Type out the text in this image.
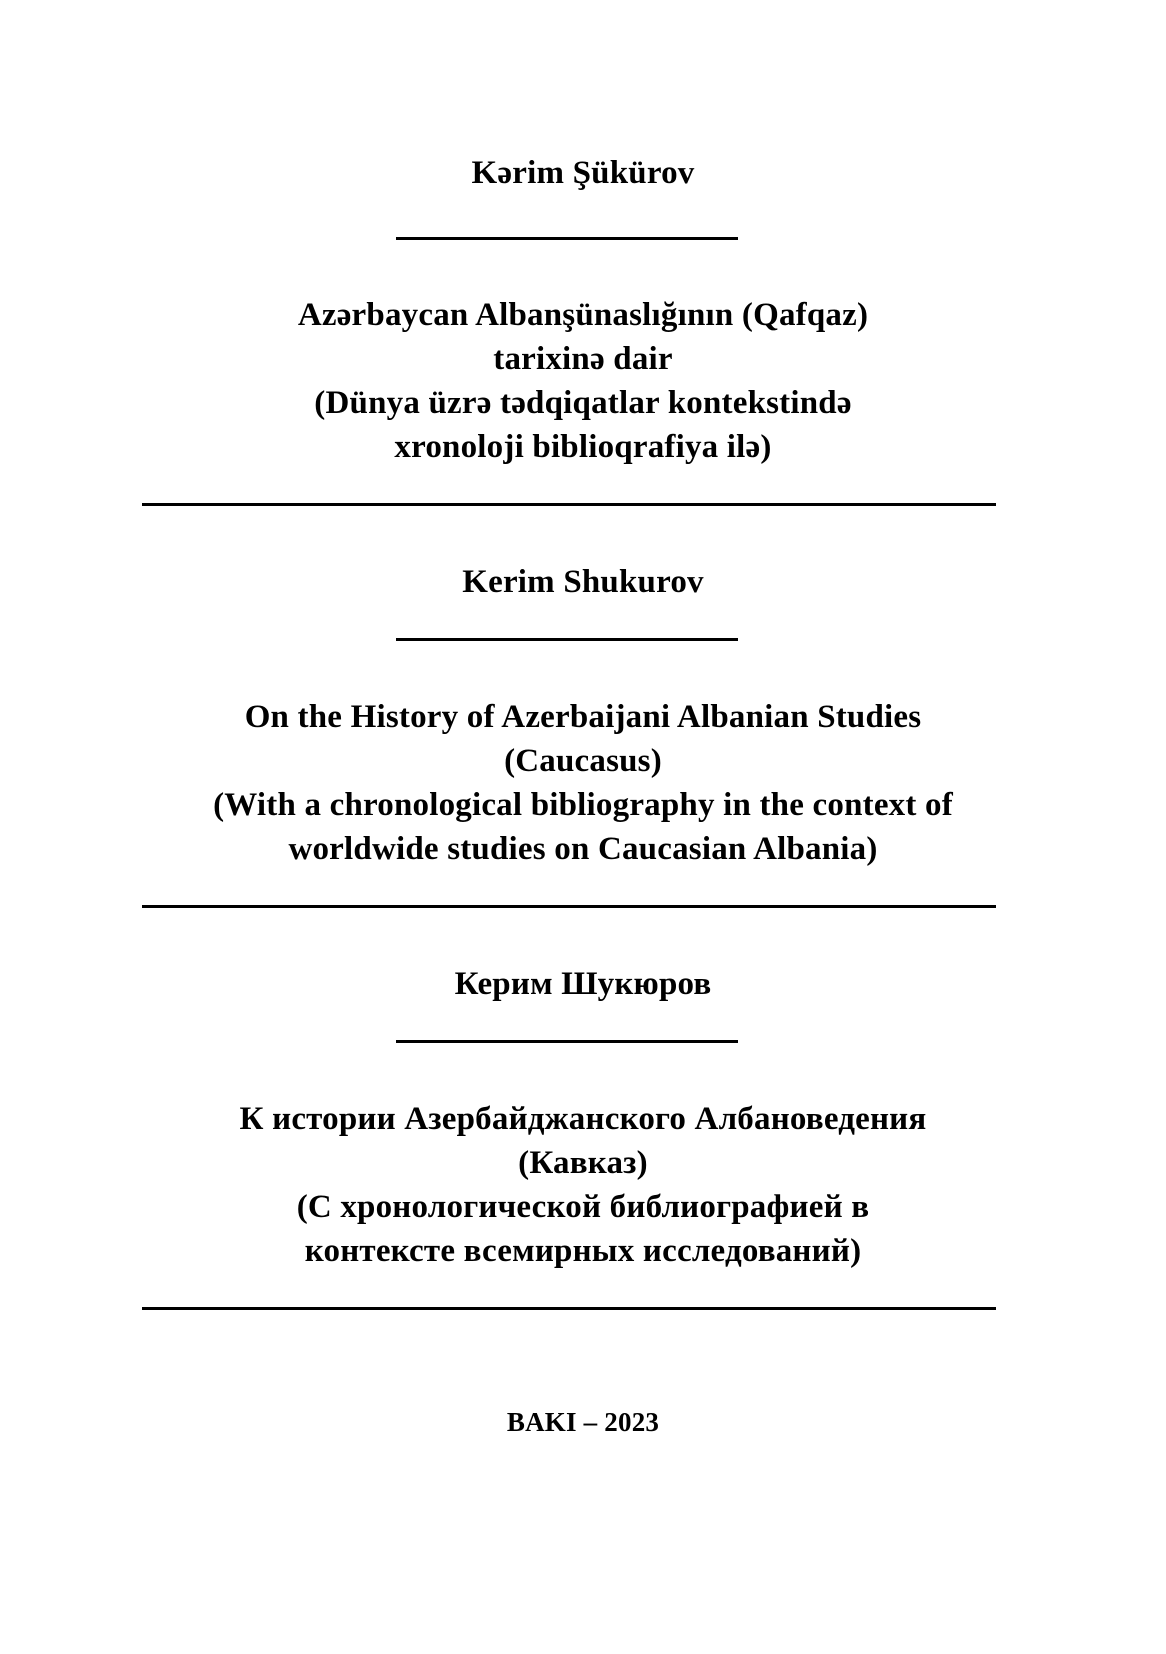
Kərim Şükürov
Azərbaycan Albanşünaslığının (Qafqaz)
tarixinə dair
(Dünya üzrə tədqiqatlar kontekstində
xronoloji biblioqrafiya ilə)
Kerim Shukurov
On the History of Azerbaijani Albanian Studies
(Caucasus)
(With a chronological bibliography in the context of
worldwide studies on Caucasian Albania)
Керим Шукюров
К истории Азербайджанского Албановедения
(Кавказ)
(С хронологической библиографией в
контексте всемирных исследований)
BAKI – 2023
